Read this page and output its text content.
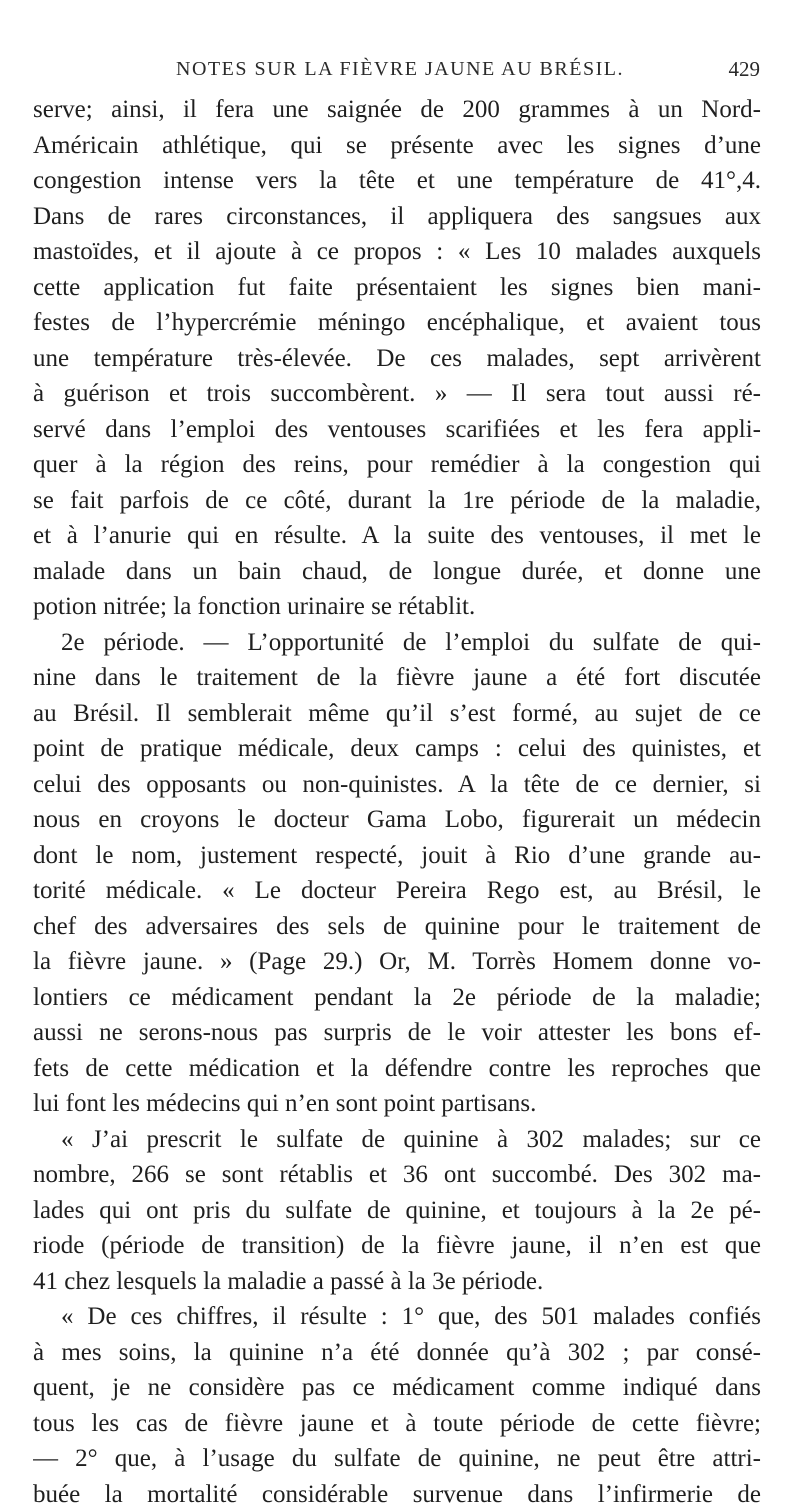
NOTES SUR LA FIÈVRE JAUNE AU BRÉSIL.	429
serve; ainsi, il fera une saignée de 200 grammes à un Nord-
Américain athlétique, qui se présente avec les signes d’une
congestion intense vers la tête et une température de 41°,4.
Dans de rares circonstances, il appliquera des sangsues aux
mastoïdes, et il ajoute à ce propos : « Les 10 malades auxquels
cette application fut faite présentaient les signes bien mani-
festes de l’hypercrémie méningo encéphalique, et avaient tous
une température très-élevée. De ces malades, sept arrivèrent
à guérison et trois succombèrent. » — Il sera tout aussi ré-
servé dans l’emploi des ventouses scarifiées et les fera appli-
quer à la région des reins, pour remédier à la congestion qui
se fait parfois de ce côté, durant la 1re période de la maladie,
et à l’anurie qui en résulte. A la suite des ventouses, il met le
malade dans un bain chaud, de longue durée, et donne une
potion nitrée; la fonction urinaire se rétablit.
2e période. — L’opportunité de l’emploi du sulfate de qui-
nine dans le traitement de la fièvre jaune a été fort discutée
au Brésil. Il semblerait même qu’il s’est formé, au sujet de ce
point de pratique médicale, deux camps : celui des quinistes, et
celui des opposants ou non-quinistes. A la tête de ce dernier, si
nous en croyons le docteur Gama Lobo, figurerait un médecin
dont le nom, justement respecté, jouit à Rio d’une grande au-
torité médicale. « Le docteur Pereira Rego est, au Brésil, le
chef des adversaires des sels de quinine pour le traitement de
la fièvre jaune. » (Page 29.) Or, M. Torrès Homem donne vo-
lontiers ce médicament pendant la 2e période de la maladie;
aussi ne serons-nous pas surpris de le voir attester les bons ef-
fets de cette médication et la défendre contre les reproches que
lui font les médecins qui n’en sont point partisans.
« J’ai prescrit le sulfate de quinine à 302 malades; sur ce
nombre, 266 se sont rétablis et 36 ont succombé. Des 302 ma-
lades qui ont pris du sulfate de quinine, et toujours à la 2e pé-
riode (période de transition) de la fièvre jaune, il n’en est que
41 chez lesquels la maladie a passé à la 3e période.
« De ces chiffres, il résulte : 1° que, des 501 malades confiés
à mes soins, la quinine n’a été donnée qu’à 302 ; par consé-
quent, je ne considère pas ce médicament comme indiqué dans
tous les cas de fièvre jaune et à toute période de cette fièvre;
— 2° que, à l’usage du sulfate de quinine, ne peut être attri-
buée la mortalité considérable survenue dans l’infirmerie de
